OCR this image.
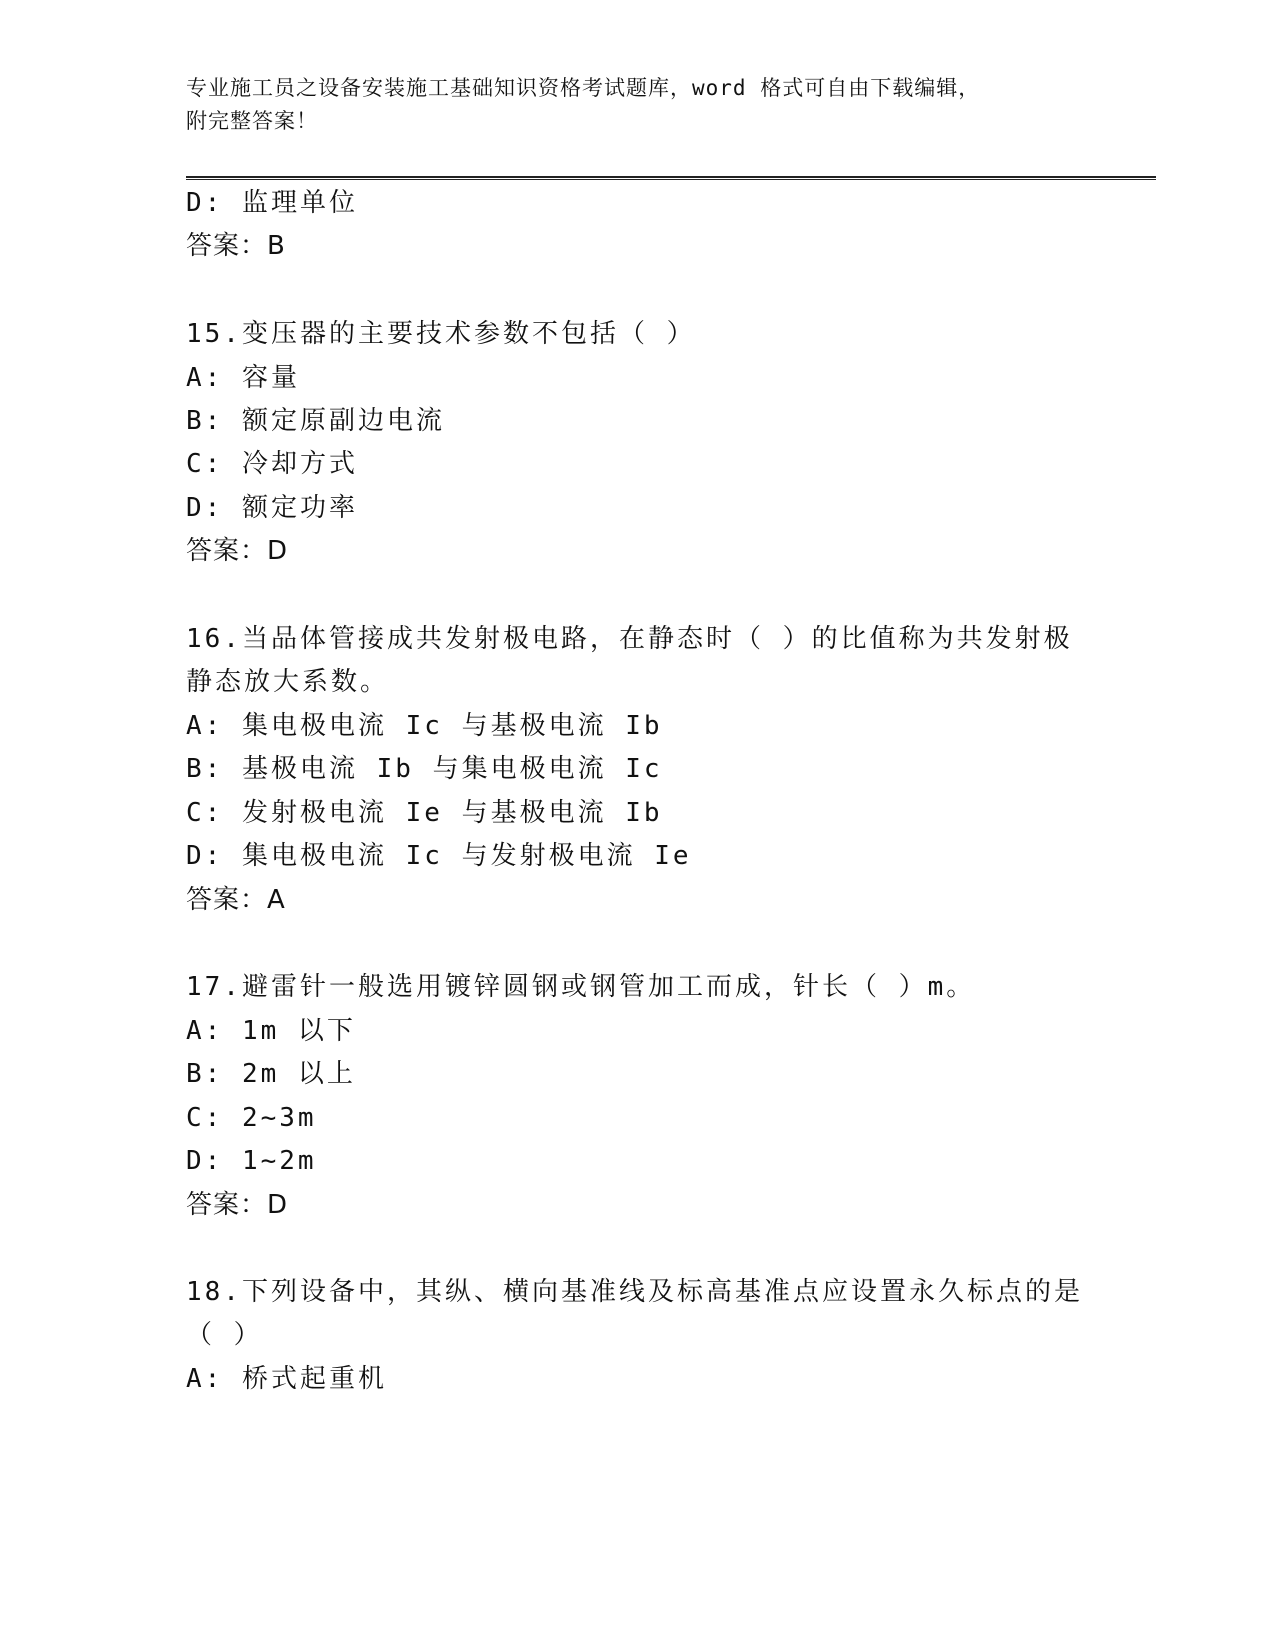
专业施工员之设备安装施工基础知识资格考试题库，word 格式可自由下载编辑，
附完整答案！
D: 监理单位
答案：B
15.变压器的主要技术参数不包括（ ）
A: 容量
B: 额定原副边电流
C: 冷却方式
D: 额定功率
答案：D
16.当品体管接成共发射极电路，在静态时（ ）的比值称为共发射极
静态放大系数。
A: 集电极电流 Ic 与基极电流 Ib
B: 基极电流 Ib 与集电极电流 Ic
C: 发射极电流 Ie 与基极电流 Ib
D: 集电极电流 Ic 与发射极电流 Ie
答案：A
17.避雷针一般选用镀锌圆钢或钢管加工而成，针长（ ）m。
A: 1m 以下
B: 2m 以上
C: 2~3m
D: 1~2m
答案：D
18.下列设备中，其纵、横向基准线及标高基准点应设置永久标点的是
（ ）
A: 桥式起重机
